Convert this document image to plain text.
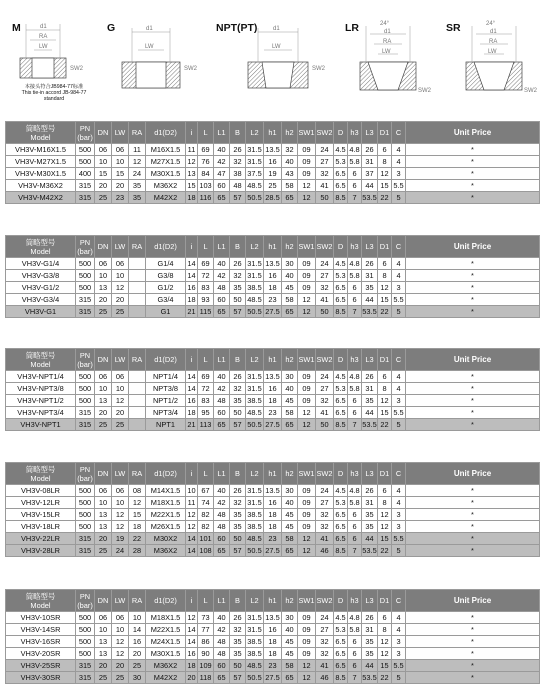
M	G	NPT(PT)	LR	SR
d1
RA
LW
SW2
d1
LW
SW2
d1
LW
SW2
24°
d1
RA
LW
SW2
24°
d1
RA
LW
SW2
本接头符合JB984-77标准
This tie-in accord JB-984-77
standard
筒略型号
Model	PN
(bar)	DN	LW	RA	d1(D2)	i	L	L1	B	L2	h1	h2	SW1	SW2	D	h3	L3	D1	C	Unit Price
VH3V-M16X1.5	500	06	06	11	M16X1.5	11	69	40	26	31.5	13.5	32	09	24	4.5	4.8	26	6	4	*
VH3V-M27X1.5	500	10	10	12	M27X1.5	12	76	42	32	31.5	16	40	09	27	5.3	5.8	31	8	4	*
VH3V-M30X1.5	400	15	15	24	M30X1.5	13	84	47	38	37.5	19	43	09	32	6.5	6	37	12	3	*
VH3V-M36X2	315	20	20	35	M36X2	15	103	60	48	48.5	25	58	12	41	6.5	6	44	15	5.5	*
VH3V-M42X2	315	25	23	35	M42X2	18	116	65	57	50.5	28.5	65	12	50	8.5	7	53.5	22	5	*
筒略型号
Model	PN
(bar)	DN	LW	RA	d1(D2)	i	L	L1	B	L2	h1	h2	SW1	SW2	D	h3	L3	D1	C	Unit Price
VH3V-G1/4	500	06	06		G1/4	14	69	40	26	31.5	13.5	30	09	24	4.5	4.8	26	6	4	*
VH3V-G3/8	500	10	10		G3/8	14	72	42	32	31.5	16	40	09	27	5.3	5.8	31	8	4	*
VH3V-G1/2	500	13	12		G1/2	16	83	48	35	38.5	18	45	09	32	6.5	6	35	12	3	*
VH3V-G3/4	315	20	20		G3/4	18	93	60	50	48.5	23	58	12	41	6.5	6	44	15	5.5	*
VH3V-G1	315	25	25		G1	21	115	65	57	50.5	27.5	65	12	50	8.5	7	53.5	22	5	*
筒略型号
Model	PN
(bar)	DN	LW	RA	d1(D2)	i	L	L1	B	L2	h1	h2	SW1	SW2	D	h3	L3	D1	C	Unit Price
VH3V-NPT1/4	500	06	06		NPT1/4	14	69	40	26	31.5	13.5	30	09	24	4.5	4.8	26	6	4	*
VH3V-NPT3/8	500	10	10		NPT3/8	14	72	42	32	31.5	16	40	09	27	5.3	5.8	31	8	4	*
VH3V-NPT1/2	500	13	12		NPT1/2	16	83	48	35	38.5	18	45	09	32	6.5	6	35	12	3	*
VH3V-NPT3/4	315	20	20		NPT3/4	18	95	60	50	48.5	23	58	12	41	6.5	6	44	15	5.5	*
VH3V-NPT1	315	25	25		NPT1	21	113	65	57	50.5	27.5	65	12	50	8.5	7	53.5	22	5	*
筒略型号
Model	PN
(bar)	DN	LW	RA	d1(D2)	i	L	L1	B	L2	h1	h2	SW1	SW2	D	h3	L3	D1	C	Unit Price
VH3V-08LR	500	06	06	08	M14X1.5	10	67	40	26	31.5	13.5	30	09	24	4.5	4.8	26	6	4	*
VH3V-12LR	500	10	10	12	M18X1.5	11	74	42	32	31.5	16	40	09	27	5.3	5.8	31	8	4	*
VH3V-15LR	500	13	12	15	M22X1.5	12	82	48	35	38.5	18	45	09	32	6.5	6	35	12	3	*
VH3V-18LR	500	13	12	18	M26X1.5	12	82	48	35	38.5	18	45	09	32	6.5	6	35	12	3	*
VH3V-22LR	315	20	19	22	M30X2	14	101	60	50	48.5	23	58	12	41	6.5	6	44	15	5.5	*
VH3V-28LR	315	25	24	28	M36X2	14	108	65	57	50.5	27.5	65	12	46	8.5	7	53.5	22	5	*
筒略型号
Model	PN
(bar)	DN	LW	RA	d1(D2)	i	L	L1	B	L2	h1	h2	SW1	SW2	D	h3	L3	D1	C	Unit Price
VH3V-10SR	500	06	06	10	M18X1.5	12	73	40	26	31.5	13.5	30	09	24	4.5	4.8	26	6	4	*
VH3V-14SR	500	10	10	14	M22X1.5	14	77	42	32	31.5	16	40	09	27	5.3	5.8	31	8	4	*
VH3V-16SR	500	13	12	16	M24X1.5	14	86	48	35	38.5	18	45	09	32	6.5	6	35	12	3	*
VH3V-20SR	500	13	12	20	M30X1.5	16	90	48	35	38.5	18	45	09	32	6.5	6	35	12	3	*
VH3V-25SR	315	20	20	25	M36X2	18	109	60	50	48.5	23	58	12	41	6.5	6	44	15	5.5	*
VH3V-30SR	315	25	25	30	M42X2	20	118	65	57	50.5	27.5	65	12	46	8.5	7	53.5	22	5	*
